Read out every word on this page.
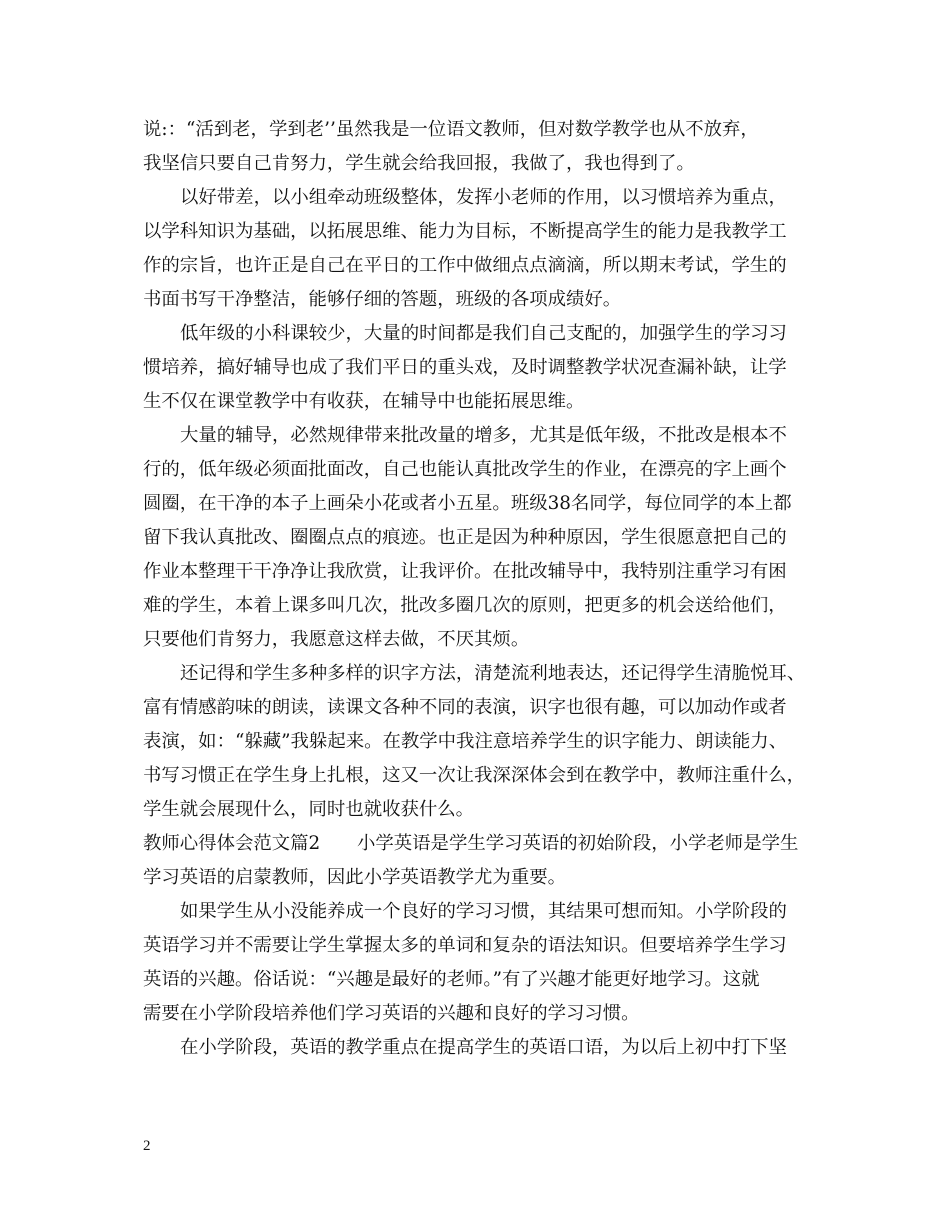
说:：“活到老，学到老’’虽然我是一位语文教师，但对数学教学也从不放弃，
我坚信只要自己肯努力，学生就会给我回报，我做了，我也得到了。
以好带差，以小组牵动班级整体，发挥小老师的作用，以习惯培养为重点，
以学科知识为基础，以拓展思维、能力为目标，不断提高学生的能力是我教学工
作的宗旨，也许正是自己在平日的工作中做细点点滴滴，所以期末考试，学生的
书面书写干净整洁，能够仔细的答题，班级的各项成绩好。
低年级的小科课较少，大量的时间都是我们自己支配的，加强学生的学习习
惯培养，搞好辅导也成了我们平日的重头戏，及时调整教学状况查漏补缺，让学
生不仅在课堂教学中有收获，在辅导中也能拓展思维。
大量的辅导，必然规律带来批改量的增多，尤其是低年级，不批改是根本不
行的，低年级必须面批面改，自己也能认真批改学生的作业，在漂亮的字上画个
圆圈，在干净的本子上画朵小花或者小五星。班级38名同学，每位同学的本上都
留下我认真批改、圈圈点点的痕迹。也正是因为种种原因，学生很愿意把自己的
作业本整理干干净净让我欣赏，让我评价。在批改辅导中，我特别注重学习有困
难的学生，本着上课多叫几次，批改多圈几次的原则，把更多的机会送给他们，
只要他们肯努力，我愿意这样去做，不厌其烦。
还记得和学生多种多样的识字方法，清楚流利地表达，还记得学生清脆悦耳、
富有情感韵味的朗读，读课文各种不同的表演，识字也很有趣，可以加动作或者
表演，如：“躲藏”我躲起来。在教学中我注意培养学生的识字能力、朗读能力、
书写习惯正在学生身上扎根，这又一次让我深深体会到在教学中，教师注重什么，
学生就会展现什么，同时也就收获什么。
教师心得体会范文篇2　　小学英语是学生学习英语的初始阶段，小学老师是学生
学习英语的启蒙教师，因此小学英语教学尤为重要。
如果学生从小没能养成一个良好的学习习惯，其结果可想而知。小学阶段的
英语学习并不需要让学生掌握太多的单词和复杂的语法知识。但要培养学生学习
英语的兴趣。俗话说：“兴趣是最好的老师。”有了兴趣才能更好地学习。这就
需要在小学阶段培养他们学习英语的兴趣和良好的学习习惯。
在小学阶段，英语的教学重点在提高学生的英语口语，为以后上初中打下坚
2
